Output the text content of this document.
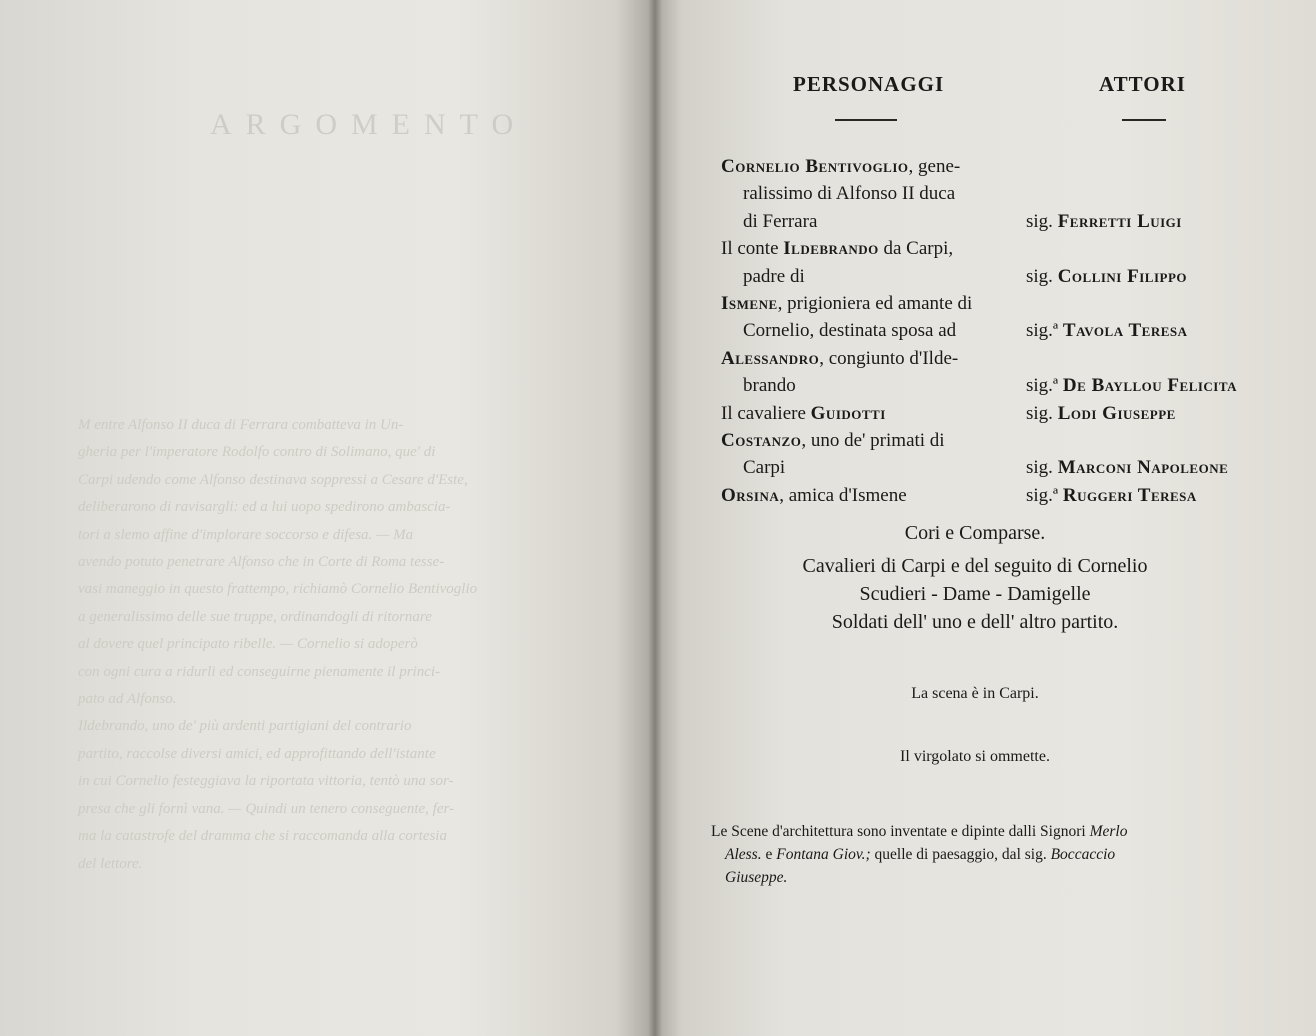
ARGOMENTO
M entre Alfonso II duca di Ferrara combatteva in Un-
gheria per l'imperatore Rodolfo contro di Solimano, que' di
Carpi udendo come Alfonso destinava soppressi a Cesare d'Este,
deliberarono di ravisargli: ed a lui uopo spedirono ambascia-
tori a slemo affine d'implorare soccorso e difesa. — Ma
avendo potuto penetrare Alfonso che in Corte di Roma tesse-
vasi maneggio in questo frattempo, richiamò Cornelio Bentivoglio
a generalissimo delle sue truppe, ordinandogli di ritornare
al dovere quel principato ribelle. — Cornelio si adoperò
con ogni cura a ridurli ed conseguirne pienamente il princi-
pato ad Alfonso.
Ildebrando, uno de' più ardenti partigiani del contrario
partito, raccolse diversi amici, ed approfittando dell'istante
in cui Cornelio festeggiava la riportata vittoria, tentò una sor-
presa che gli fornì vana. — Quindi un tenero conseguente, fer-
ma la catastrofe del dramma che si raccomanda alla cortesia
del lettore.
PERSONAGGI	ATTORI
Cornelio Bentivoglio, gene-
ralissimo di Alfonso II duca
di Ferrara	sig. Ferretti Luigi
Il conte Ildebrando da Carpi,
padre di	sig. Collini Filippo
Ismene, prigioniera ed amante di
Cornelio, destinata sposa ad	sig.ª Tavola Teresa
Alessandro, congiunto d'Ilde-
brando	sig.ª De Bayllou Felicita
Il cavaliere Guidotti	sig. Lodi Giuseppe
Costanzo, uno de' primati di
Carpi	sig. Marconi Napoleone
Orsina, amica d'Ismene	sig.ª Ruggeri Teresa
Cori e Comparse.
Cavalieri di Carpi e del seguito di Cornelio
Scudieri - Dame - Damigelle
Soldati dell' uno e dell' altro partito.
La scena è in Carpi.
Il virgolato si ommette.
Le Scene d'architettura sono inventate e dipinte dalli Signori Merlo
Aless. e Fontana Giov.; quelle di paesaggio, dal sig. Boccaccio
Giuseppe.
